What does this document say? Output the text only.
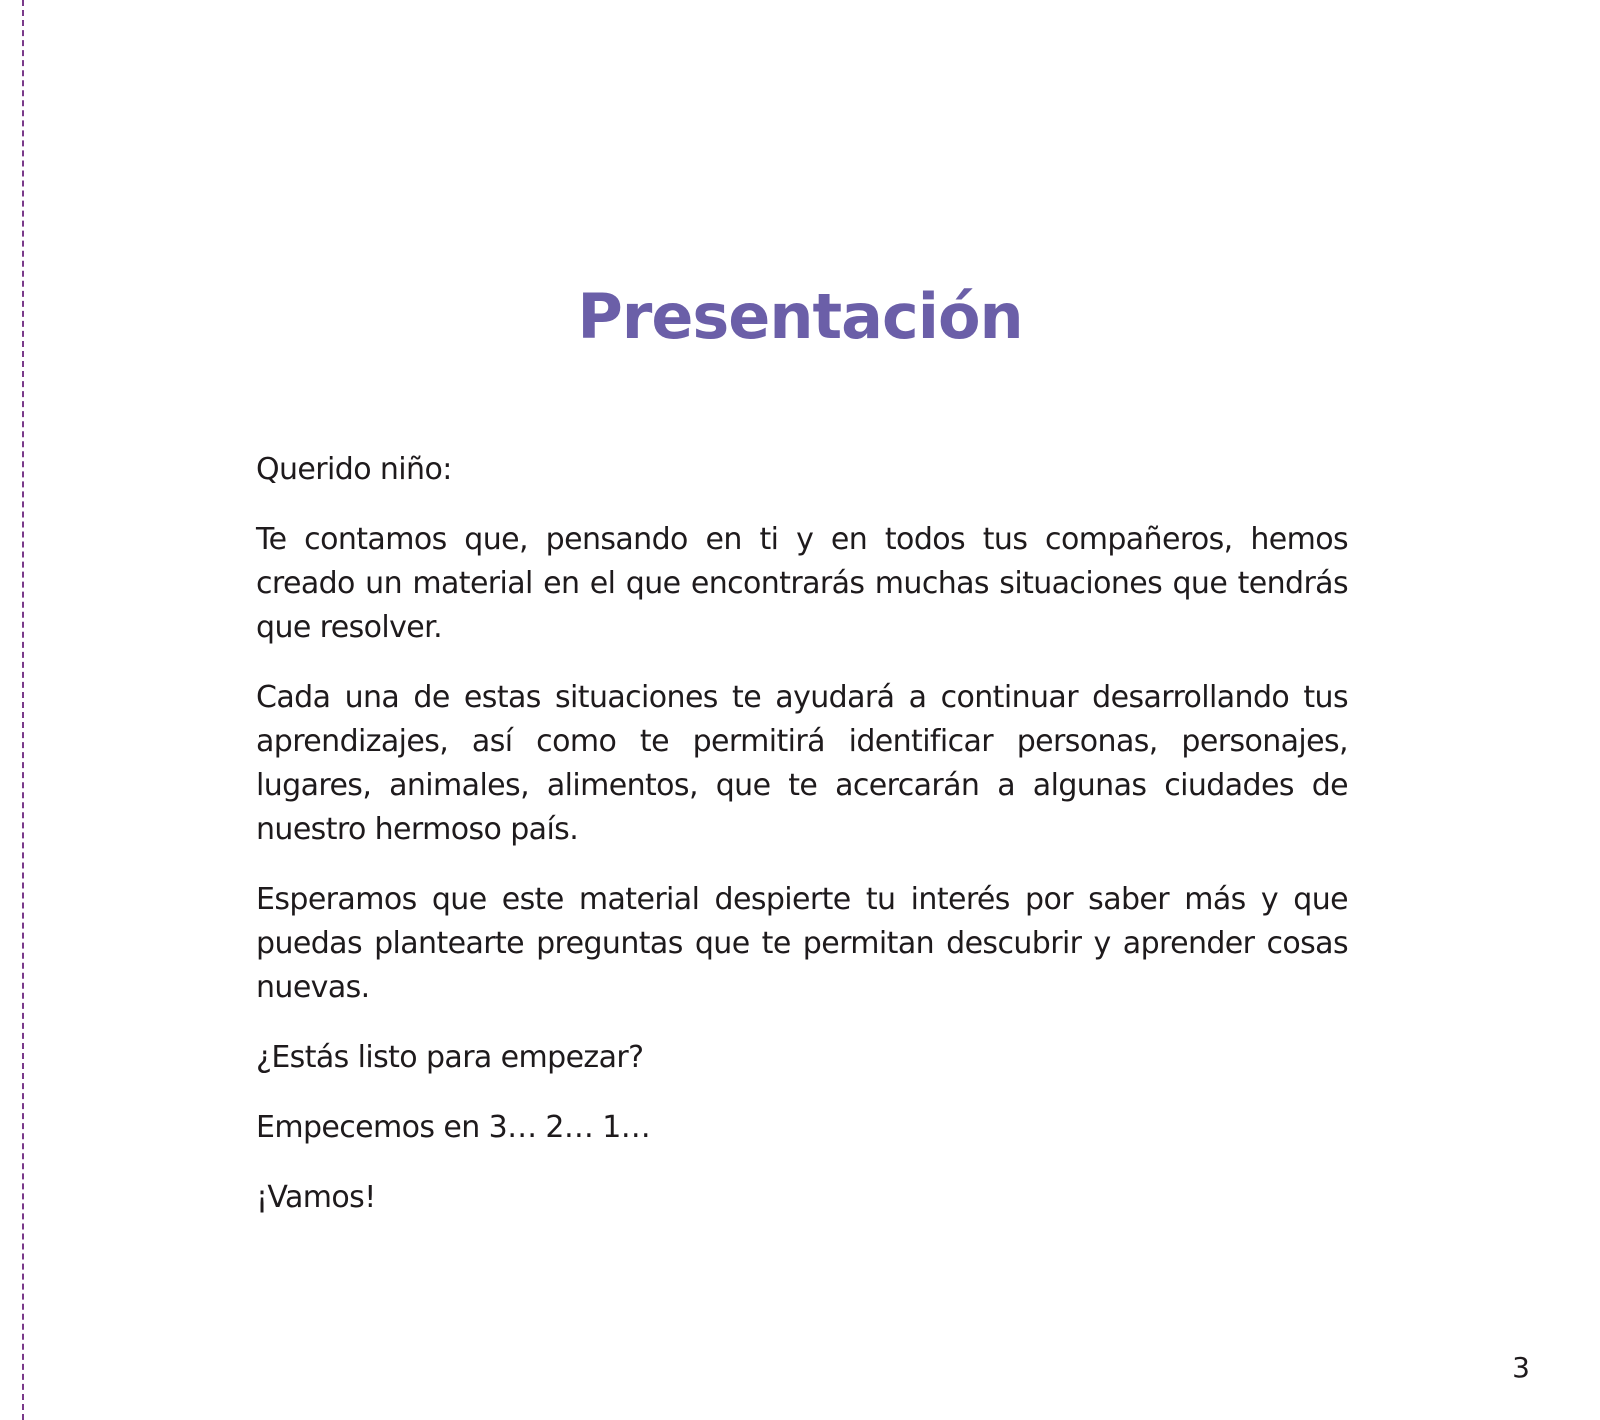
Presentación

Querido niño:

Te contamos que, pensando en ti y en todos tus compañeros, hemos creado un material en el que encontrarás muchas situaciones que tendrás que resolver.

Cada una de estas situaciones te ayudará a continuar desarrollando tus aprendizajes, así como te permitirá identificar personas, personajes, lugares, animales, alimentos, que te acercarán a algunas ciudades de nuestro hermoso país.

Esperamos que este material despierte tu interés por saber más y que puedas plantearte preguntas que te permitan descubrir y aprender cosas nuevas.

¿Estás listo para empezar?

Empecemos en 3… 2… 1…

¡Vamos!

3
